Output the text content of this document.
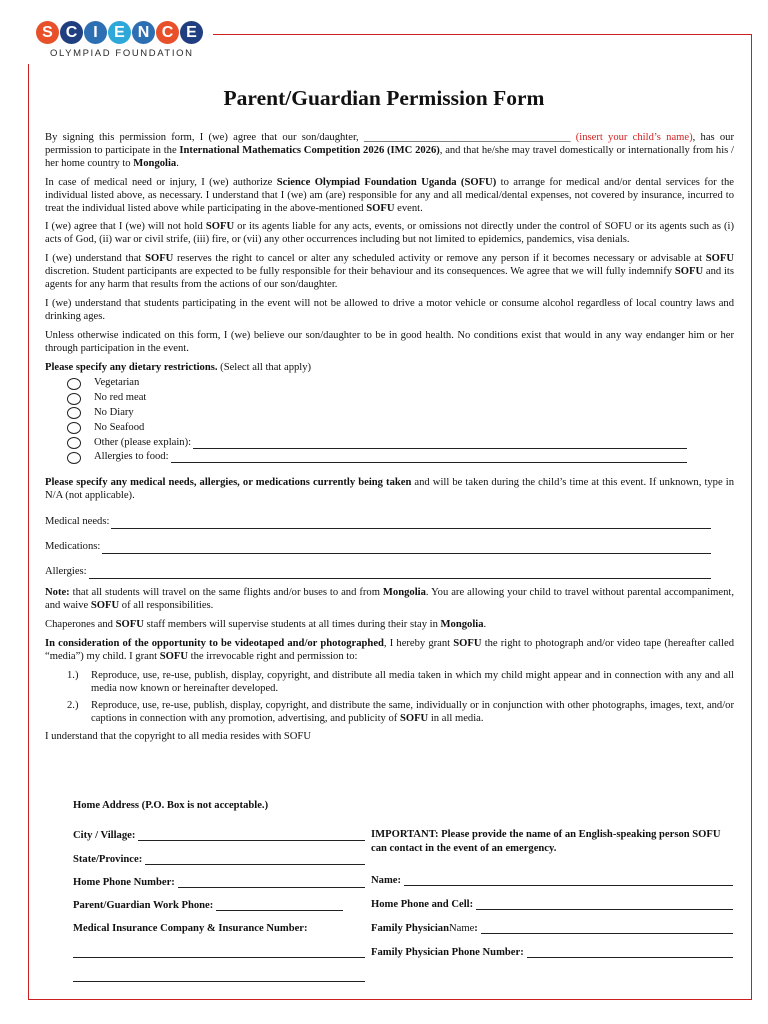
S C I	E N C E
OLYMPIAD FOUNDATION
Parent/Guardian Permission Form

By signing this permission form, I (we) agree that our son/daughter, _______________________________________ (insert your child’s name), has our permission to participate in the International Mathematics Competition 2026 (IMC 2026), and that he/she may travel domestically or internationally from his / her home country to Mongolia.

In case of medical need or injury, I (we) authorize Science Olympiad Foundation Uganda (SOFU) to arrange for medical and/or dental services for the individual listed above, as necessary. I understand that I (we) am (are) responsible for any and all medical/dental expenses, not covered by insurance, incurred to treat the individual listed above while participating in the above-mentioned SOFU event.

I (we) agree that I (we) will not hold SOFU or its agents liable for any acts, events, or omissions not directly under the control of SOFU or its agents such as (i) acts of God, (ii) war or civil strife, (iii) fire, or (vii) any other occurrences including but not limited to epidemics, pandemics, visa denials.

I (we) understand that SOFU reserves the right to cancel or alter any scheduled activity or remove any person if it becomes necessary or advisable at SOFU discretion. Student participants are expected to be fully responsible for their behaviour and its consequences. We agree that we will fully indemnify SOFU and its agents for any harm that results from the actions of our son/daughter.

I (we) understand that students participating in the event will not be allowed to drive a motor vehicle or consume alcohol regardless of local country laws and drinking ages.

Unless otherwise indicated on this form, I (we) believe our son/daughter to be in good health. No conditions exist that would in any way endanger him or her through participation in the event.

Please specify any dietary restrictions. (Select all that apply)

Vegetarian
No red meat
No Diary
No Seafood
Other (please explain):
Allergies to food:

Please specify any medical needs, allergies, or medications currently being taken and will be taken during the child’s time at this event. If unknown, type in N/A (not applicable).

Medical needs:
Medications:
Allergies:

Note: that all students will travel on the same flights and/or buses to and from Mongolia. You are allowing your child to travel without parental accompaniment, and waive SOFU of all responsibilities.

Chaperones and SOFU staff members will supervise students at all times during their stay in Mongolia.

In consideration of the opportunity to be videotaped and/or photographed, I hereby grant SOFU the right to photograph and/or video tape (hereafter called “media”) my child. I grant SOFU the irrevocable right and permission to:

1.)	Reproduce, use, re-use, publish, display, copyright, and distribute all media taken in which my child might appear and in connection with any and all media now known or hereinafter developed.
2.)	Reproduce, use, re-use, publish, display, copyright, and distribute the same, individually or in conjunction with other photographs, images, text, and/or captions in connection with any promotion, advertising, and publicity of SOFU in all media.

I understand that the copyright to all media resides with SOFU

Home Address (P.O. Box is not acceptable.)
City / Village:
State/Province:
Home Phone Number:
Parent/Guardian Work Phone:
Medical Insurance Company & Insurance Number:
IMPORTANT: Please provide the name of an English-speaking person SOFU can contact in the event of an emergency.
Name:
Home Phone and Cell:
Family Physician Name :
Family Physician Phone Number:
